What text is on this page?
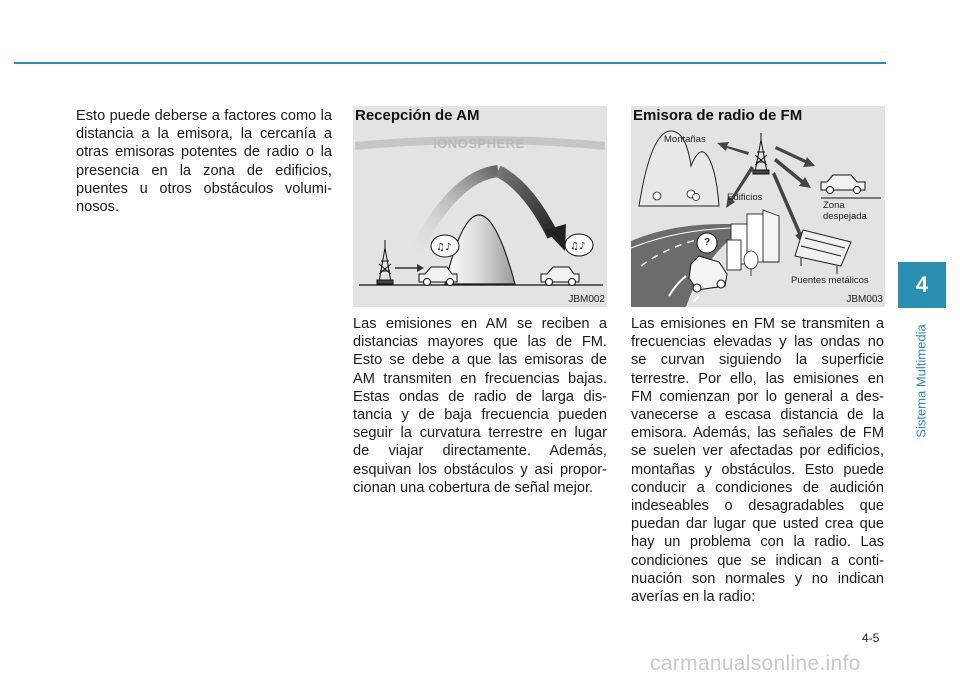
Esto puede deberse a factores como la distancia a la emisora, la cercanía a otras emisoras potentes de radio o la presencia en la zona de edificios, puentes u otros obstáculos volumi-nosos.

♫♪	♫♪
Recepción de AM
IONOSPHERE
JBM002
Emisora de radio de FM
Montañas
Edificios
Zona
despejada
Puentes metálicos
?
JBM003

Las emisiones en AM se reciben a distancias mayores que las de FM. Esto se debe a que las emisoras de AM transmiten en frecuencias bajas. Estas ondas de radio de larga dis-tancia y de baja frecuencia pueden seguir la curvatura terrestre en lugar de viajar directamente. Además, esquivan los obstáculos y asi propor-cionan una cobertura de señal mejor.

Las emisiones en FM se transmiten a frecuencias elevadas y las ondas no se curvan siguiendo la superficie terrestre. Por ello, las emisiones en FM comienzan por lo general a des-vanecerse a escasa distancia de la emisora. Además, las señales de FM se suelen ver afectadas por edificios, montañas y obstáculos. Esto puede conducir a condiciones de audición indeseables o desagradables que puedan dar lugar que usted crea que hay un problema con la radio. Las condiciones que se indican a conti-nuación son normales y no indican averías en la radio:

4
Sistema Multimedia
4-5
carmanualsonline.info
